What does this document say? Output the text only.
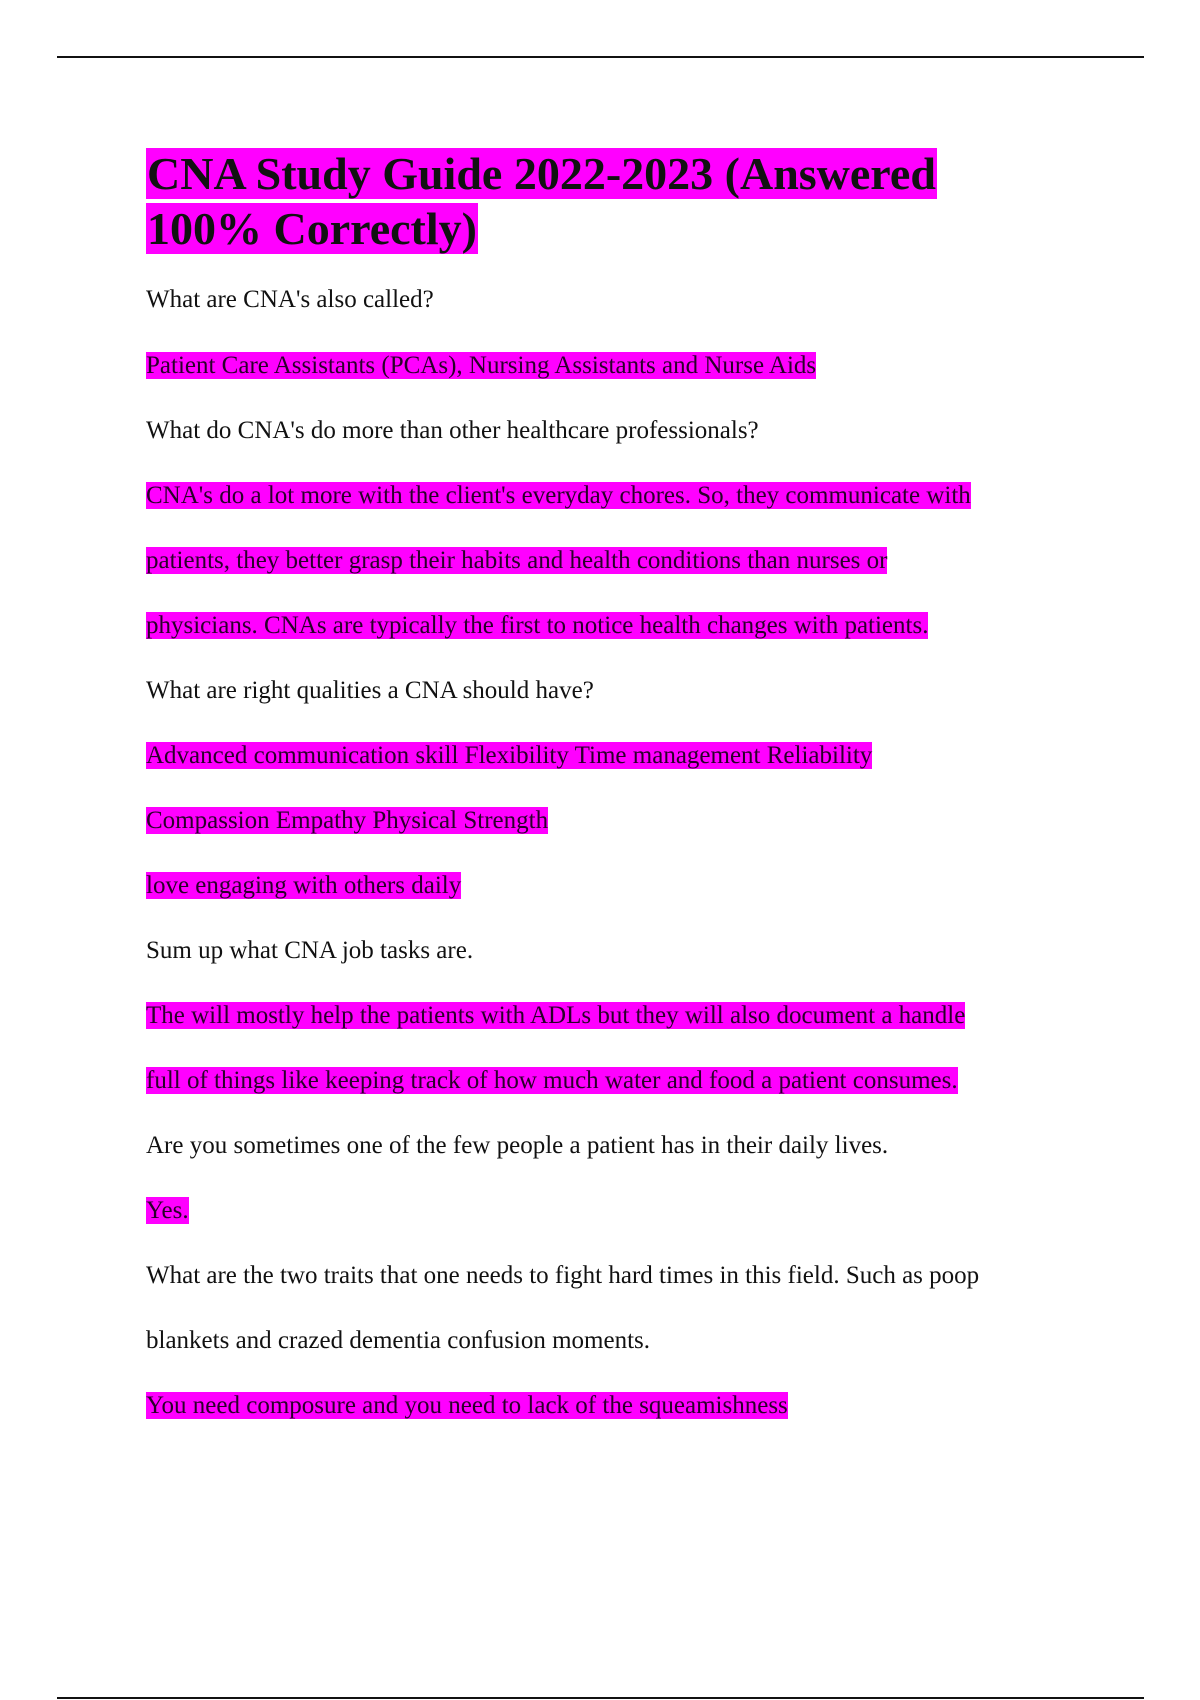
CNA Study Guide 2022-2023 (Answered
100% Correctly)

What are CNA's also called?

Patient Care Assistants (PCAs), Nursing Assistants and Nurse Aids

What do CNA's do more than other healthcare professionals?

CNA's do a lot more with the client's everyday chores. So, they communicate with

patients, they better grasp their habits and health conditions than nurses or

physicians. CNAs are typically the first to notice health changes with patients.

What are right qualities a CNA should have?

Advanced communication skill Flexibility Time management Reliability

Compassion Empathy Physical Strength

love engaging with others daily

Sum up what CNA job tasks are.

The will mostly help the patients with ADLs but they will also document a handle

full of things like keeping track of how much water and food a patient consumes.

Are you sometimes one of the few people a patient has in their daily lives.

Yes.

What are the two traits that one needs to fight hard times in this field. Such as poop

blankets and crazed dementia confusion moments.

You need composure and you need to lack of the squeamishness
